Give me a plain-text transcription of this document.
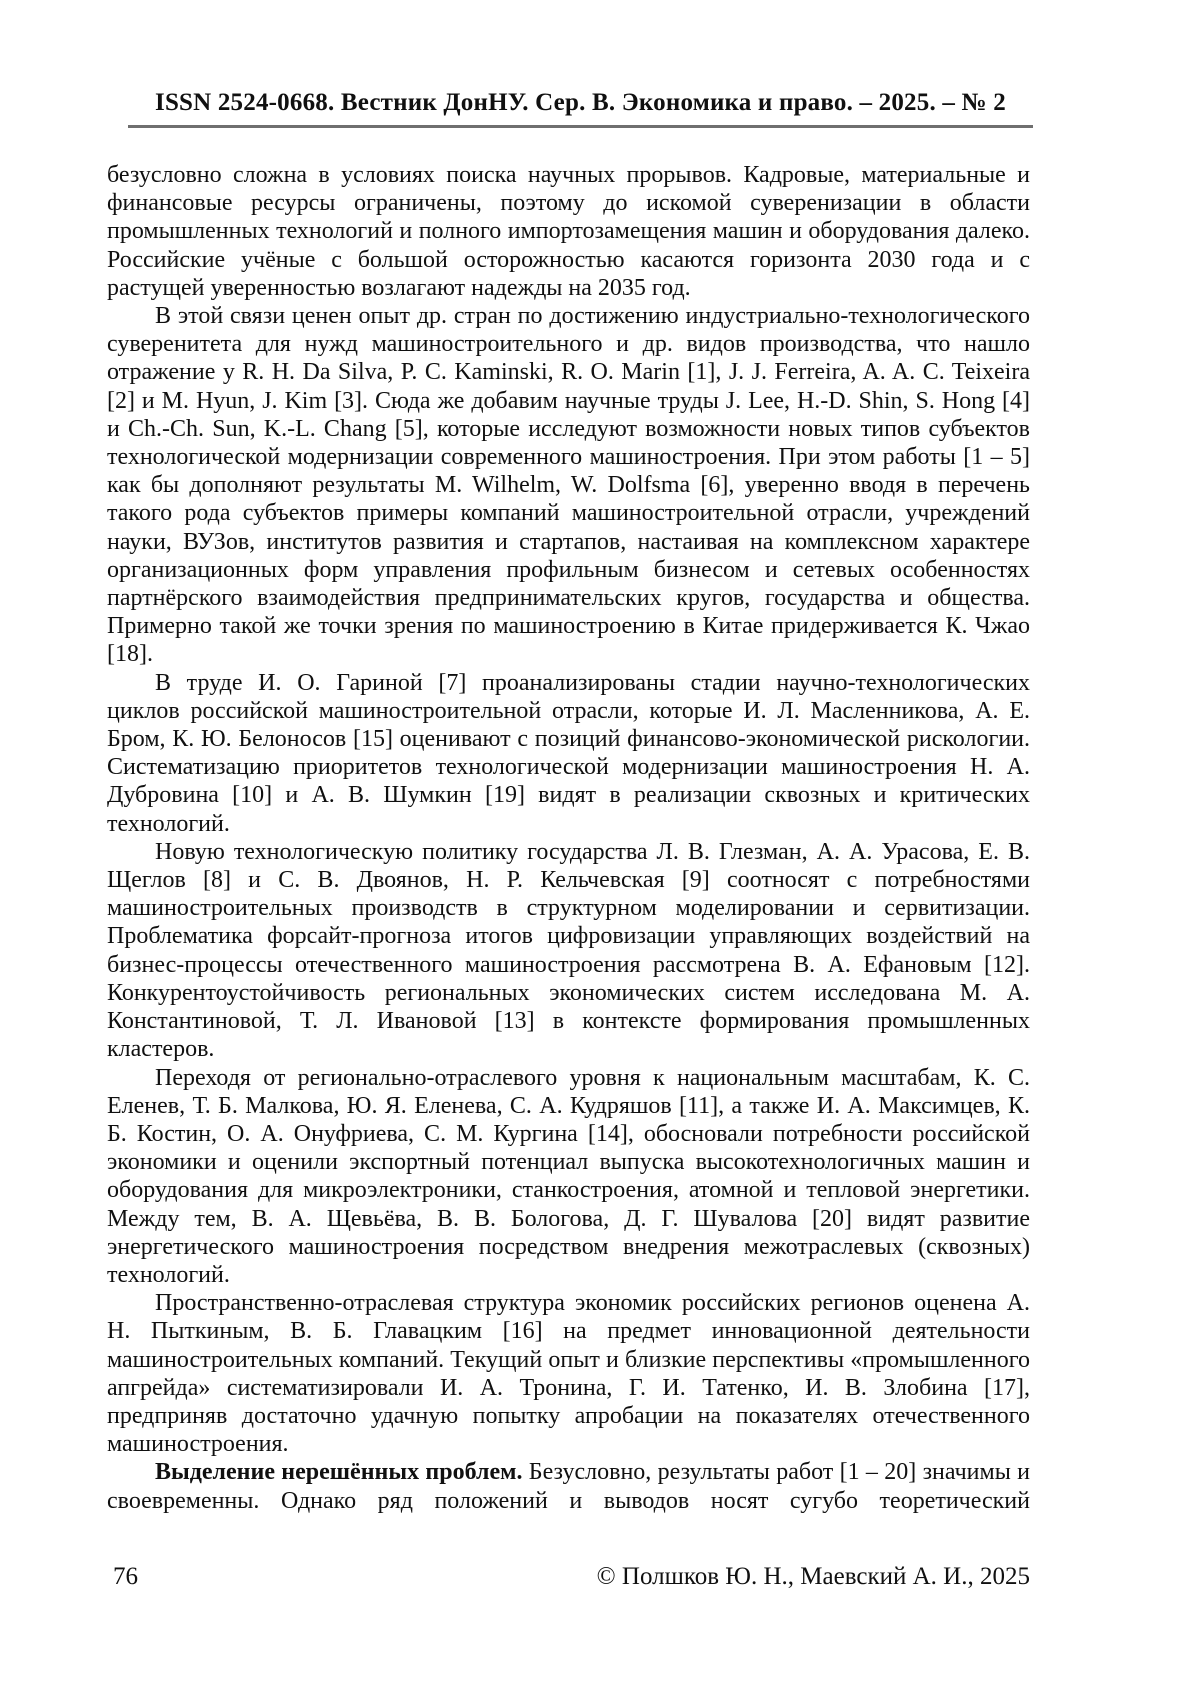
ISSN 2524-0668. Вестник ДонНУ. Сер. В. Экономика и право. – 2025. – № 2

безусловно сложна в условиях поиска научных прорывов. Кадровые, материальные и финансовые ресурсы ограничены, поэтому до искомой суверенизации в области промышленных технологий и полного импортозамещения машин и оборудования далеко. Российские учёные с большой осторожностью касаются горизонта 2030 года и с растущей уверенностью возлагают надежды на 2035 год.

В этой связи ценен опыт др. стран по достижению индустриально-технологического суверенитета для нужд машиностроительного и др. видов производства, что нашло отражение у R. H. Da Silva, P. C. Kaminski, R. O. Marin [1], J. J. Ferreira, A. A. C. Teixeira [2] и M. Hyun, J. Kim [3]. Сюда же добавим научные труды J. Lee, H.-D. Shin, S. Hong [4] и Ch.-Ch. Sun, K.-L. Chang [5], которые исследуют возможности новых типов субъектов технологической модернизации современного машиностроения. При этом работы [1 – 5] как бы дополняют результаты M. Wilhelm, W. Dolfsma [6], уверенно вводя в перечень такого рода субъектов примеры компаний машиностроительной отрасли, учреждений науки, ВУЗов, институтов развития и стартапов, настаивая на комплексном характере организационных форм управления профильным бизнесом и сетевых особенностях партнёрского взаимодействия предпринимательских кругов, государства и общества. Примерно такой же точки зрения по машиностроению в Китае придерживается К. Чжао [18].

В труде И. О. Гариной [7] проанализированы стадии научно-технологических циклов российской машиностроительной отрасли, которые И. Л. Масленникова, А. Е. Бром, К. Ю. Белоносов [15] оценивают с позиций финансово-экономической рискологии. Систематизацию приоритетов технологической модернизации машиностроения Н. А. Дубровина [10] и А. В. Шумкин [19] видят в реализации сквозных и критических технологий.

Новую технологическую политику государства Л. В. Глезман, А. А. Урасова, Е. В. Щеглов [8] и С. В. Двоянов, Н. Р. Кельчевская [9] соотносят с потребностями машиностроительных производств в структурном моделировании и сервитизации. Проблематика форсайт-прогноза итогов цифровизации управляющих воздействий на бизнес-процессы отечественного машиностроения рассмотрена В. А. Ефановым [12]. Конкурентоустойчивость региональных экономических систем исследована М. А. Константиновой, Т. Л. Ивановой [13] в контексте формирования промышленных кластеров.

Переходя от регионально-отраслевого уровня к национальным масштабам, К. С. Еленев, Т. Б. Малкова, Ю. Я. Еленева, С. А. Кудряшов [11], а также И. А. Максимцев, К. Б. Костин, О. А. Онуфриева, С. М. Кургина [14], обосновали потребности российской экономики и оценили экспортный потенциал выпуска высокотехнологичных машин и оборудования для микроэлектроники, станкостроения, атомной и тепловой энергетики. Между тем, В. А. Щевьёва, В. В. Бологова, Д. Г. Шувалова [20] видят развитие энергетического машиностроения посредством внедрения межотраслевых (сквозных) технологий.

Пространственно-отраслевая структура экономик российских регионов оценена А. Н. Пыткиным, В. Б. Главацким [16] на предмет инновационной деятельности машиностроительных компаний. Текущий опыт и близкие перспективы «промышленного апгрейда» систематизировали И. А. Тронина, Г. И. Татенко, И. В. Злобина [17], предприняв достаточно удачную попытку апробации на показателях отечественного машиностроения.

Выделение нерешённых проблем. Безусловно, результаты работ [1 – 20] значимы и своевременны. Однако ряд положений и выводов носят сугубо теоретический

76	© Полшков Ю. Н., Маевский А. И., 2025
